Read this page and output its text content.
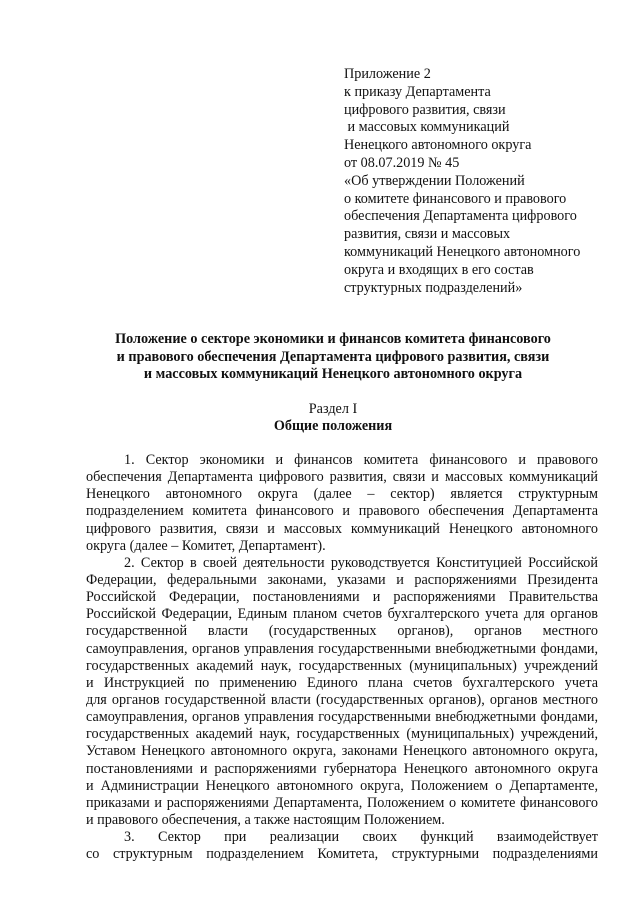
Приложение 2
к приказу Департамента
цифрового развития, связи
и массовых коммуникаций
Ненецкого автономного округа
от 08.07.2019 № 45
«Об утверждении Положений
о комитете финансового и правового
обеспечения Департамента цифрового
развития, связи и массовых
коммуникаций Ненецкого автономного
округа и входящих в его состав
структурных подразделений»
Положение о секторе экономики и финансов комитета финансового
и правового обеспечения Департамента цифрового развития, связи
и массовых коммуникаций Ненецкого автономного округа
Раздел I
Общие положения
1. Сектор экономики и финансов комитета финансового и правового
обеспечения Департамента цифрового развития, связи и массовых коммуникаций
Ненецкого автономного округа (далее – сектор) является структурным
подразделением комитета финансового и правового обеспечения Департамента
цифрового развития, связи и массовых коммуникаций Ненецкого автономного
округа (далее – Комитет, Департамент).
2. Сектор в своей деятельности руководствуется Конституцией Российской
Федерации, федеральными законами, указами и распоряжениями Президента
Российской Федерации, постановлениями и распоряжениями Правительства
Российской Федерации, Единым планом счетов бухгалтерского учета для органов
государственной власти (государственных органов), органов местного
самоуправления, органов управления государственными внебюджетными фондами,
государственных академий наук, государственных (муниципальных) учреждений
и Инструкцией по применению Единого плана счетов бухгалтерского учета
для органов государственной власти (государственных органов), органов местного
самоуправления, органов управления государственными внебюджетными фондами,
государственных академий наук, государственных (муниципальных) учреждений,
Уставом Ненецкого автономного округа, законами Ненецкого автономного округа,
постановлениями и распоряжениями губернатора Ненецкого автономного округа
и Администрации Ненецкого автономного округа, Положением о Департаменте,
приказами и распоряжениями Департамента, Положением о комитете финансового
и правового обеспечения, а также настоящим Положением.
3. Сектор при реализации своих функций взаимодействует
со структурным подразделением Комитета, структурными подразделениями
